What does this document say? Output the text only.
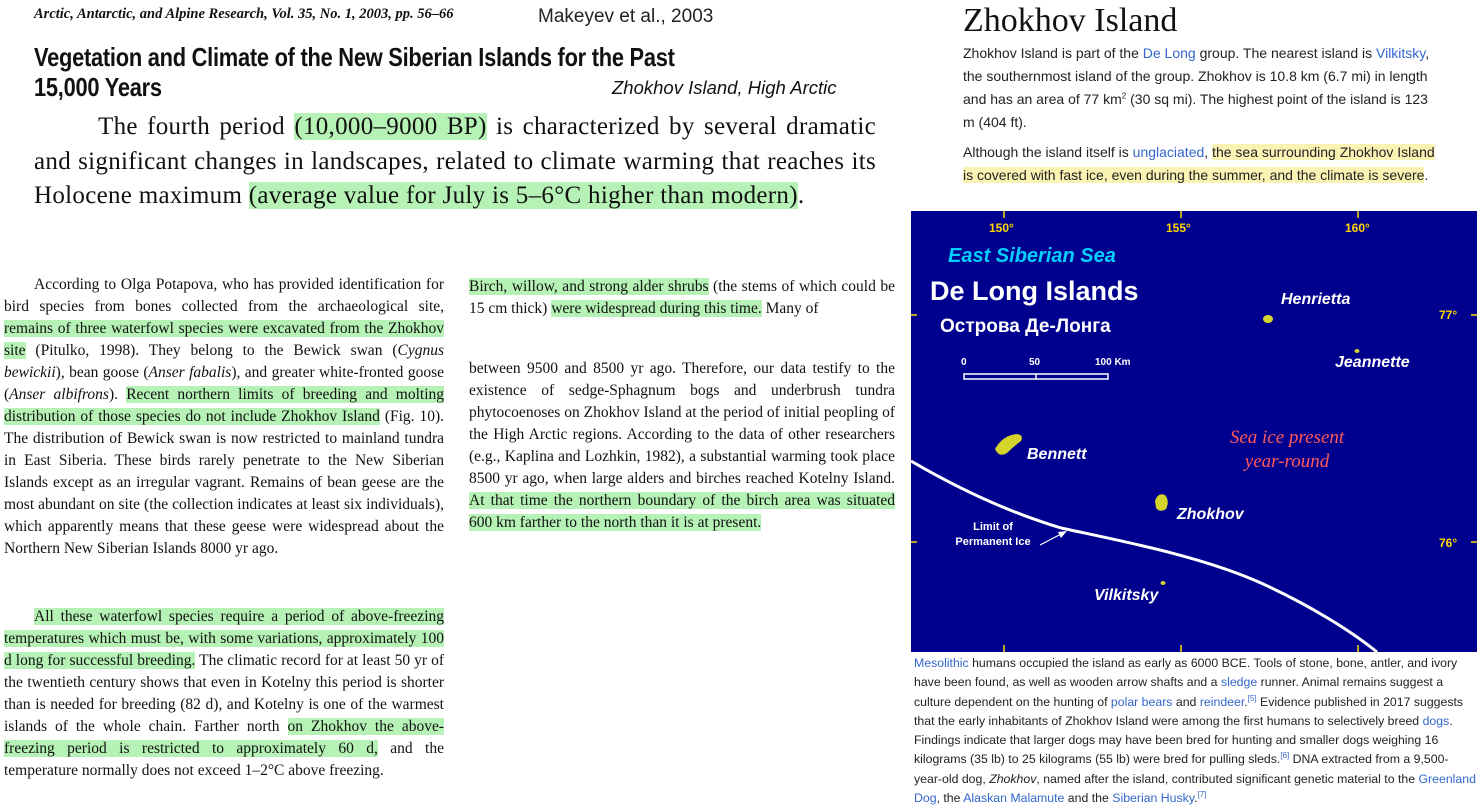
Arctic, Antarctic, and Alpine Research, Vol. 35, No. 1, 2003, pp. 56–66	Makeyev et al., 2003
Vegetation and Climate of the New Siberian Islands for the Past 15,000 Years	Zhokhov Island, High Arctic
The fourth period (10,000–9000 BP) is characterized by several dramatic and significant changes in landscapes, related to climate warming that reaches its Holocene maximum (average value for July is 5–6°C higher than modern).
According to Olga Potapova, who has provided identification for bird species from bones collected from the archaeological site, remains of three waterfowl species were excavated from the Zhokhov site (Pitulko, 1998). They belong to the Bewick swan (Cygnus bewickii), bean goose (Anser fabalis), and greater white-fronted goose (Anser albifrons). Recent northern limits of breeding and molting distribution of those species do not include Zhokhov Island (Fig. 10). The distribution of Bewick swan is now restricted to mainland tundra in East Siberia. These birds rarely penetrate to the New Siberian Islands except as an irregular vagrant. Remains of bean geese are the most abundant on site (the collection indicates at least six individuals), which apparently means that these geese were widespread about the Northern New Siberian Islands 8000 yr ago.
All these waterfowl species require a period of above-freezing temperatures which must be, with some variations, approximately 100 d long for successful breeding. The climatic record for at least 50 yr of the twentieth century shows that even in Kotelny this period is shorter than is needed for breeding (82 d), and Kotelny is one of the warmest islands of the whole chain. Farther north on Zhokhov the above-freezing period is restricted to approximately 60 d, and the temperature normally does not exceed 1–2°C above freezing.
Birch, willow, and strong alder shrubs (the stems of which could be 15 cm thick) were widespread during this time. Many of
between 9500 and 8500 yr ago. Therefore, our data testify to the existence of sedge-Sphagnum bogs and underbrush tundra phytocoenoses on Zhokhov Island at the period of initial peopling of the High Arctic regions. According to the data of other researchers (e.g., Kaplina and Lozhkin, 1982), a substantial warming took place 8500 yr ago, when large alders and birches reached Kotelny Island. At that time the northern boundary of the birch area was situated 600 km farther to the north than it is at present.
Zhokhov Island
Zhokhov Island is part of the De Long group. The nearest island is Vilkitsky, the southernmost island of the group. Zhokhov is 10.8 km (6.7 mi) in length and has an area of 77 $km^2$ (30 sq mi). The highest point of the island is 123 m (404 ft).
Although the island itself is unglaciated, the sea surrounding Zhokhov Island is covered with fast ice, even during the summer, and the climate is severe.
150°	155°	160°
77°
76°
East Siberian Sea
De Long Islands
Острова Де-Лонга
0	50	100 Km
Henrietta
Jeannette
Bennett
Zhokhov
Vilkitsky
Sea ice present
year-round
Limit of
Permanent Ice
Mesolithic humans occupied the island as early as 6000 BCE. Tools of stone, bone, antler, and ivory have been found, as well as wooden arrow shafts and a sledge runner. Animal remains suggest a culture dependent on the hunting of polar bears and reindeer.[5] Evidence published in 2017 suggests that the early inhabitants of Zhokhov Island were among the first humans to selectively breed dogs. Findings indicate that larger dogs may have been bred for hunting and smaller dogs weighing 16 kilograms (35 lb) to 25 kilograms (55 lb) were bred for pulling sleds.[6] DNA extracted from a 9,500-year-old dog, Zhokhov, named after the island, contributed significant genetic material to the Greenland Dog, the Alaskan Malamute and the Siberian Husky.[7]
